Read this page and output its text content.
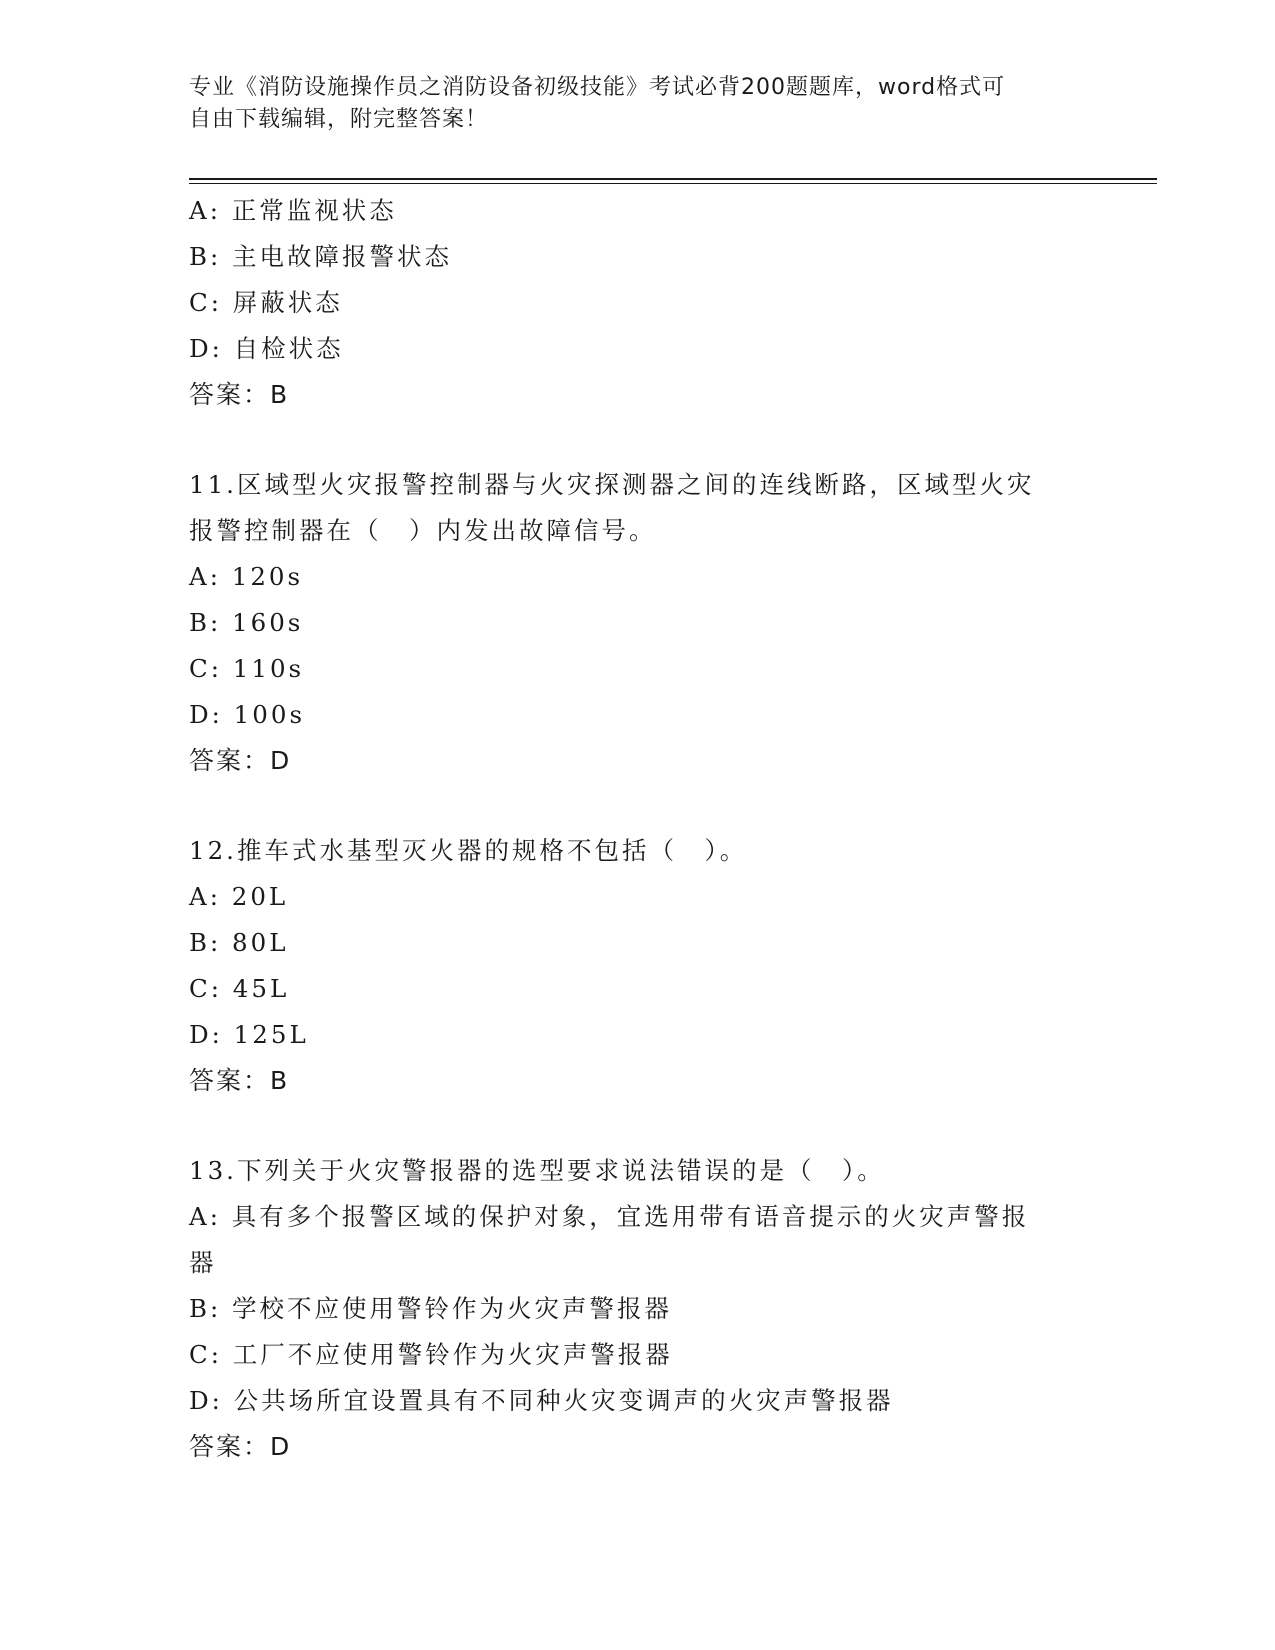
专业《消防设施操作员之消防设备初级技能》考试必背200题题库，word格式可
自由下载编辑，附完整答案！
A: 正常监视状态
B: 主电故障报警状态
C: 屏蔽状态
D: 自检状态
答案：B
11.区域型火灾报警控制器与火灾探测器之间的连线断路，区域型火灾
报警控制器在（　）内发出故障信号。
A: 120s
B: 160s
C: 110s
D: 100s
答案：D
12.推车式水基型灭火器的规格不包括（　）。
A: 20L
B: 80L
C: 45L
D: 125L
答案：B
13.下列关于火灾警报器的选型要求说法错误的是（　）。
A: 具有多个报警区域的保护对象，宜选用带有语音提示的火灾声警报
器
B: 学校不应使用警铃作为火灾声警报器
C: 工厂不应使用警铃作为火灾声警报器
D: 公共场所宜设置具有不同种火灾变调声的火灾声警报器
答案：D
